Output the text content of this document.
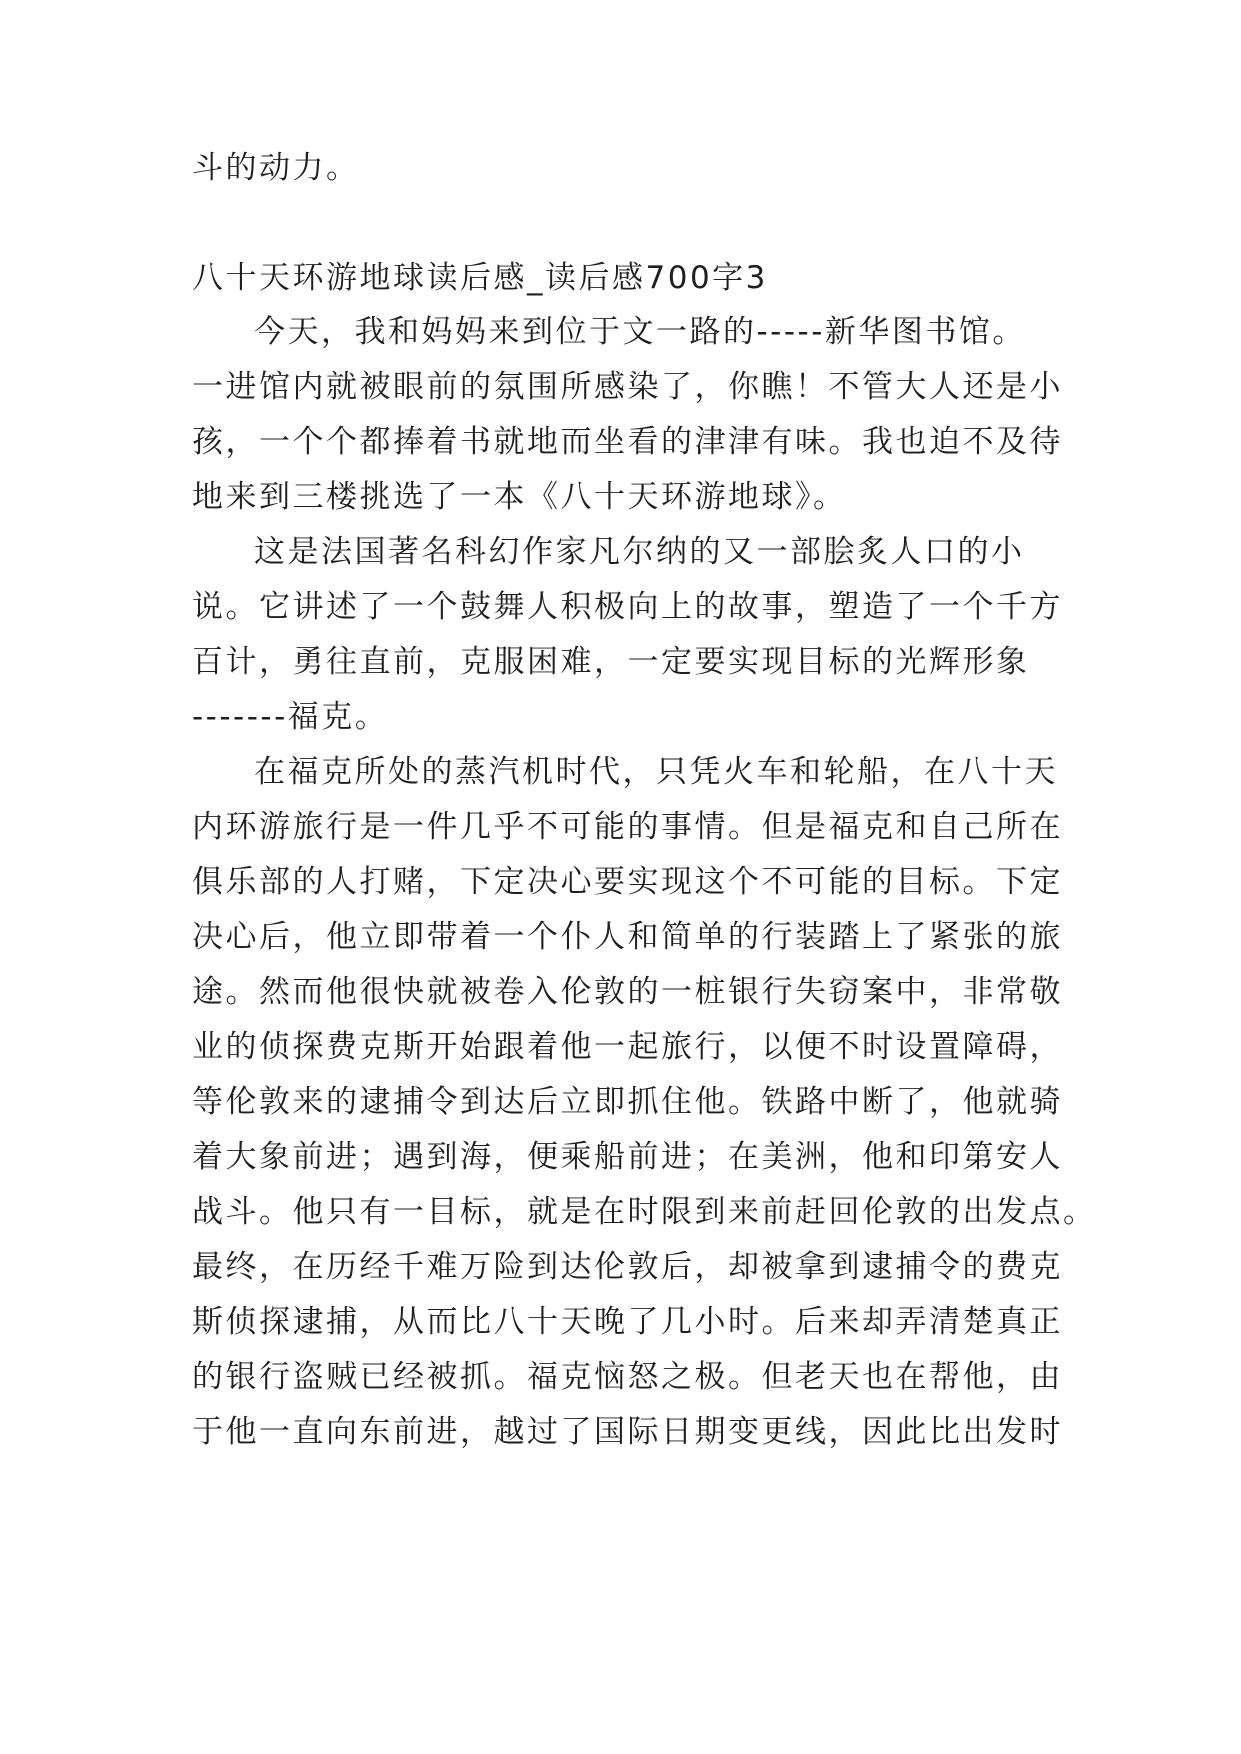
斗的动力。
八十天环游地球读后感_读后感700字3
今天，我和妈妈来到位于文一路的-----新华图书馆。
一进馆内就被眼前的氛围所感染了，你瞧！不管大人还是小
孩，一个个都捧着书就地而坐看的津津有味。我也迫不及待
地来到三楼挑选了一本《八十天环游地球》。
这是法国著名科幻作家凡尔纳的又一部脍炙人口的小
说。它讲述了一个鼓舞人积极向上的故事，塑造了一个千方
百计，勇往直前，克服困难，一定要实现目标的光辉形象
-------福克。
在福克所处的蒸汽机时代，只凭火车和轮船，在八十天
内环游旅行是一件几乎不可能的事情。但是福克和自己所在
俱乐部的人打赌，下定决心要实现这个不可能的目标。下定
决心后，他立即带着一个仆人和简单的行装踏上了紧张的旅
途。然而他很快就被卷入伦敦的一桩银行失窃案中，非常敬
业的侦探费克斯开始跟着他一起旅行，以便不时设置障碍，
等伦敦来的逮捕令到达后立即抓住他。铁路中断了，他就骑
着大象前进；遇到海，便乘船前进；在美洲，他和印第安人
战斗。他只有一目标，就是在时限到来前赶回伦敦的出发点。
最终，在历经千难万险到达伦敦后，却被拿到逮捕令的费克
斯侦探逮捕，从而比八十天晚了几小时。后来却弄清楚真正
的银行盗贼已经被抓。福克恼怒之极。但老天也在帮他，由
于他一直向东前进，越过了国际日期变更线，因此比出发时
